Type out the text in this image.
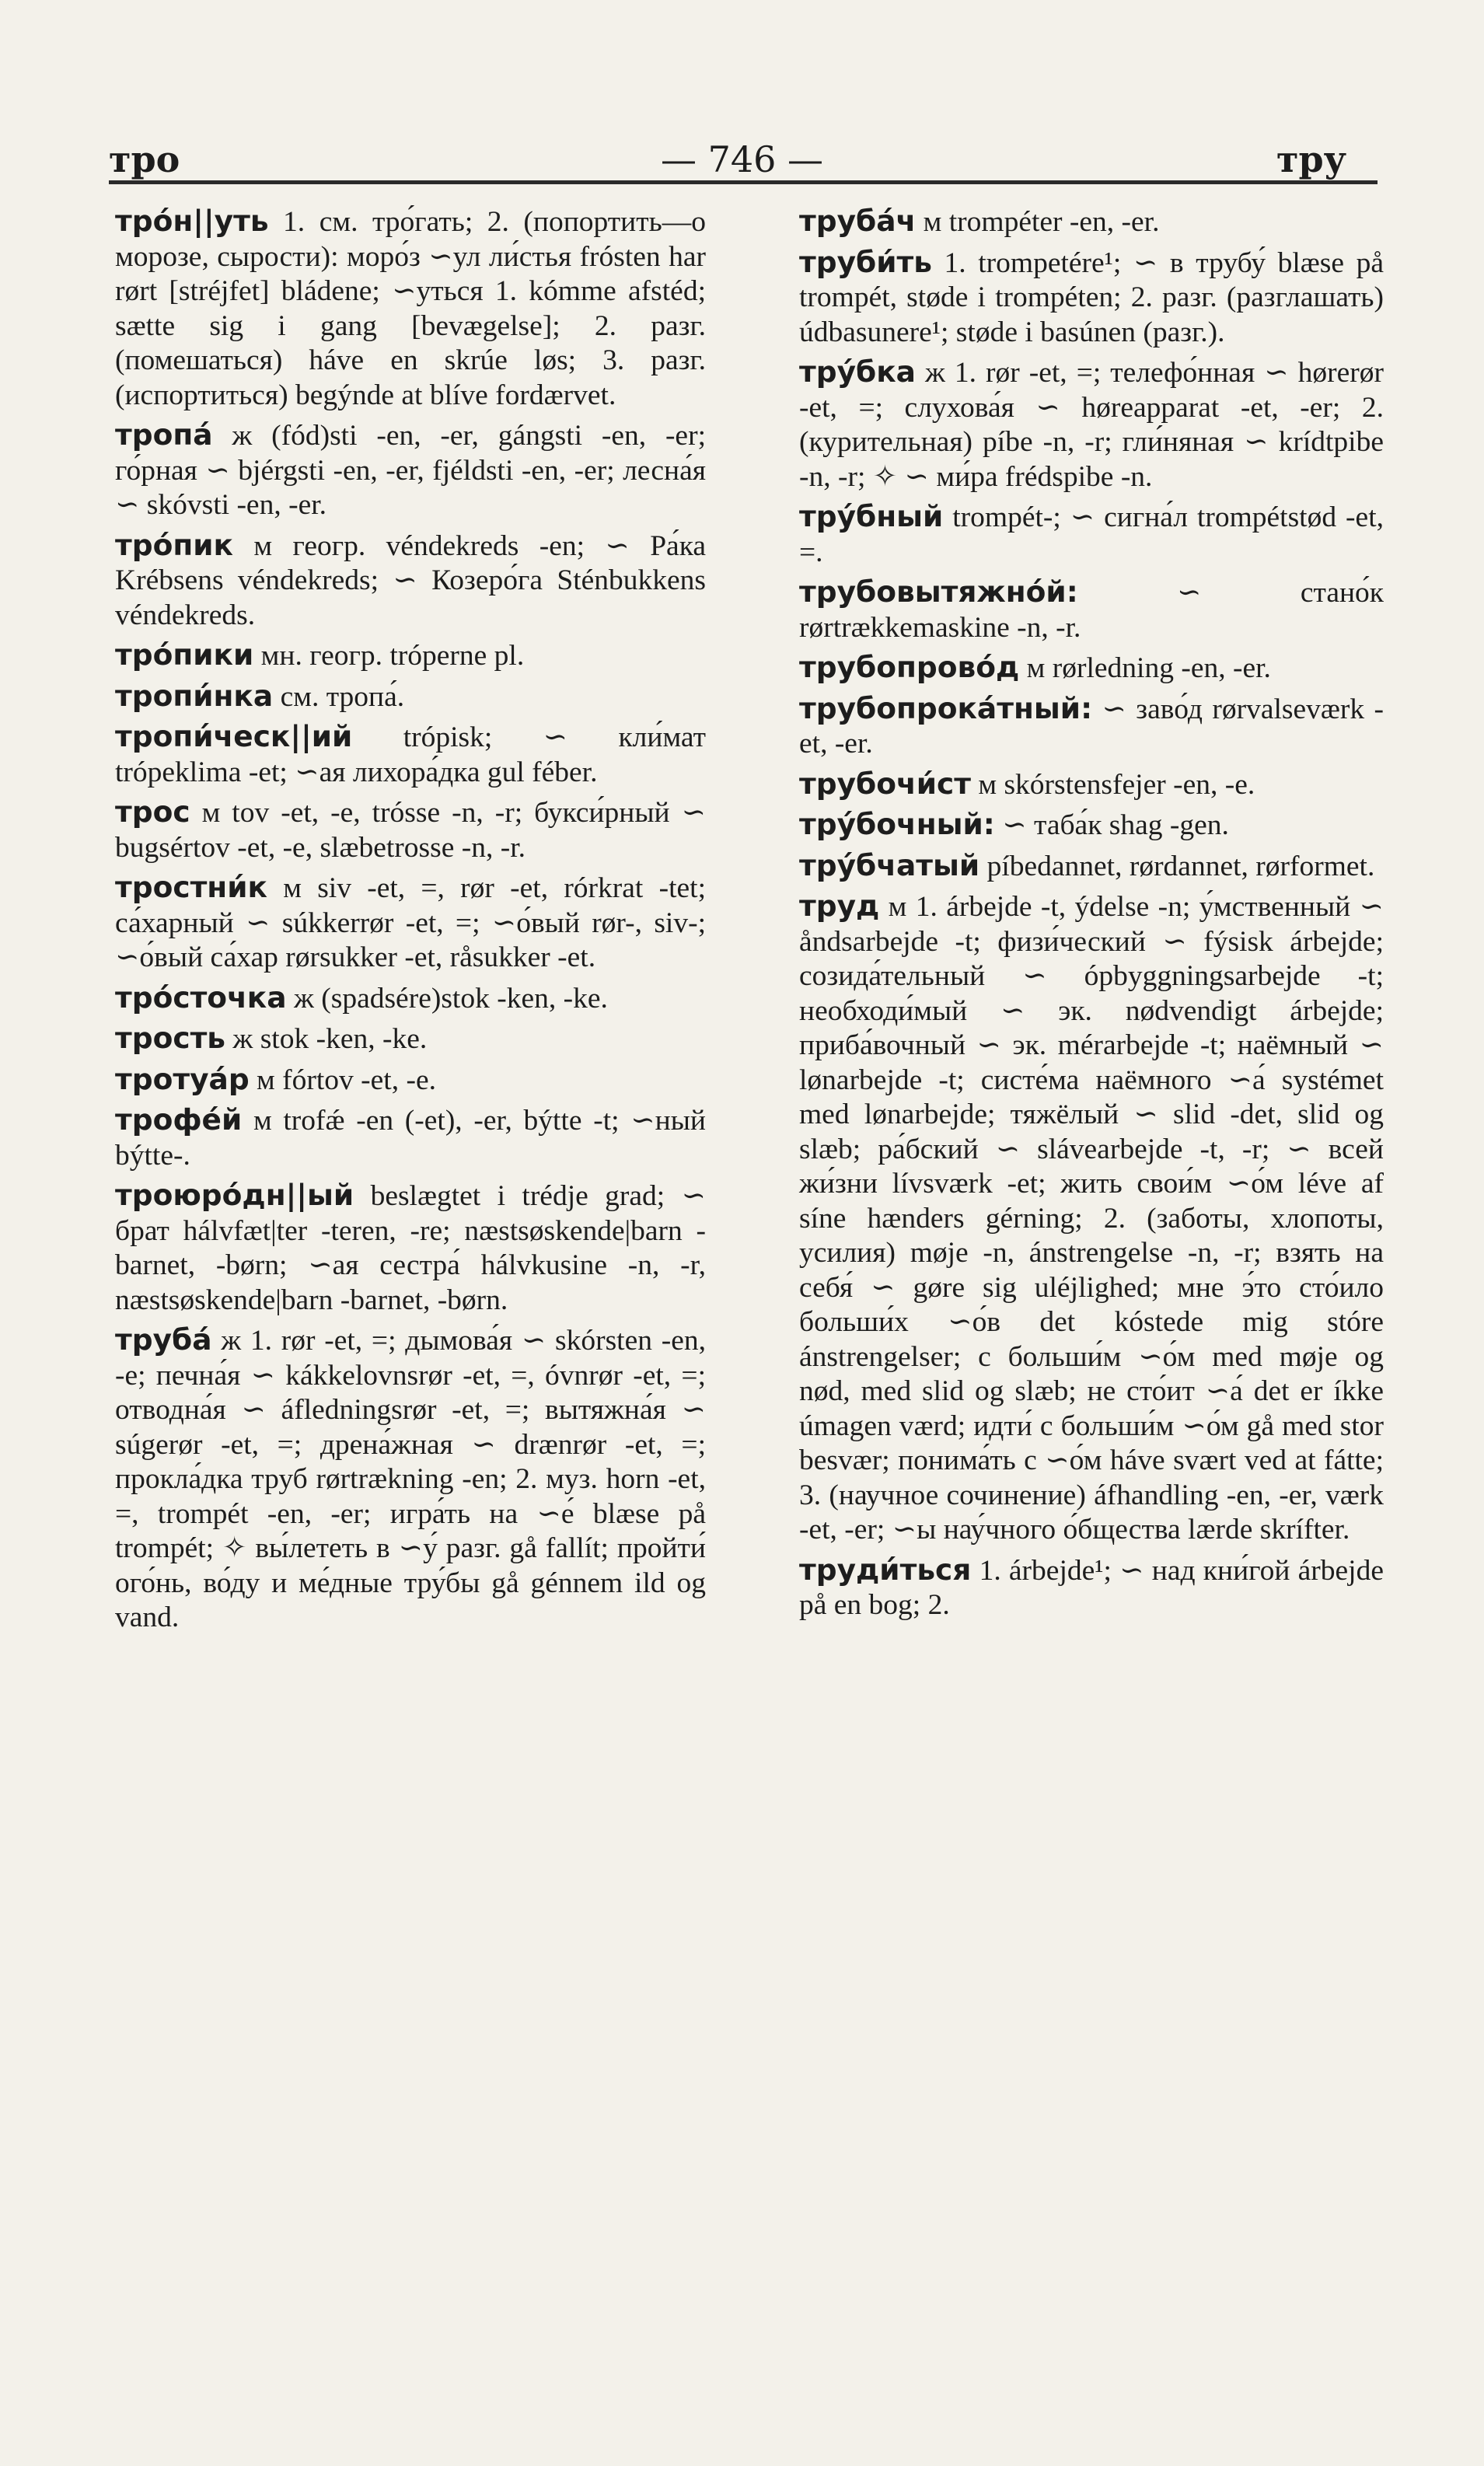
тро	— 746 —	тру

тро́н||уть 1. см. тро́гать; 2. (попортить—о морозе, сырости): моро́з ∽ул ли́стья frósten har rørt [stréjfet] bládene; ∽уться 1. kómme afstéd; sætte sig i gang [bevægelse]; 2. разг. (помешаться) háve en skrúe løs; 3. разг. (испортиться) begýnde at blíve fordærvet.

тропа́ ж (fód)sti -en, -er, gángsti -en, -er; го́рная ∽ bjérgsti -en, -er, fjéldsti -en, -er; лесна́я ∽ skóvsti -en, -er.

тро́пик м геогр. véndekreds -en; ∽ Ра́ка Krébsens véndekreds; ∽ Козеро́га Sténbukkens véndekreds.

тро́пики мн. геогр. tróperne pl.

тропи́нка см. тропа́.

тропи́ческ||ий trópisk; ∽ кли́мат trópeklima -et; ∽ая лихора́дка gul féber.

трос м tov -et, -e, trósse -n, -r; букси́рный ∽ bugsértov -et, -e, slæbetrosse -n, -r.

тростни́к м siv -et, =, rør -et, rórkrat -tet; са́харный ∽ súkkerrør -et, =; ∽о́вый rør-, siv-; ∽о́вый са́хар rørsukker -et, råsukker -et.

тро́сточка ж (spadsére)stok -ken, -ke.

трость ж stok -ken, -ke.

тротуа́р м fórtov -et, -e.

трофе́й м trofǽ -en (-et), -er, býtte -t; ∽ный býtte-.

троюро́дн||ый beslægtet i trédje grad; ∽ брат hálvfæt|ter -teren, -re; næstsøskende|barn -barnet, -børn; ∽ая сестра́ hálvkusine -n, -r, næstsøskende|barn -barnet, -børn.

труба́ ж 1. rør -et, =; дымова́я ∽ skórsten -en, -e; печна́я ∽ kákkelovnsrør -et, =, óvnrør -et, =; отводна́я ∽ áfledningsrør -et, =; вытяжна́я ∽ súgerør -et, =; дрена́жная ∽ drænrør -et, =; прокла́дка труб rørtrækning -en; 2. муз. horn -et, =, trompét -en, -er; игра́ть на ∽е́ blæse på trompét; ✧ вы́лететь в ∽у́ разг. gå fallít; пройти́ ого́нь, во́ду и ме́дные тру́бы gå génnem ild og vand.

труба́ч м trompéter -en, -er.

труби́ть 1. trompetére¹; ∽ в трубу́ blæse på trompét, støde i trompéten; 2. разг. (разглашать) údbasunere¹; støde i basúnen (разг.).

тру́бка ж 1. rør -et, =; телефо́нная ∽ hørerør -et, =; слухова́я ∽ høreapparat -et, -er; 2. (курительная) píbe -n, -r; гли́няная ∽ krídtpibe -n, -r; ✧ ∽ ми́ра frédspibe -n.

тру́бный trompét-; ∽ сигна́л trompétstød -et, =.

трубовытяжно́й: ∽ стано́к rørtrækkemaskine -n, -r.

трубопрово́д м rørledning -en, -er.

трубопрока́тный: ∽ заво́д rørvalseværk -et, -er.

трубочи́ст м skórstensfejer -en, -e.

тру́бочный: ∽ таба́к shag -gen.

тру́бчатый píbedannet, rørdannet, rørformet.

труд м 1. árbejde -t, ýdelse -n; у́мственный ∽ åndsarbejde -t; физи́ческий ∽ fýsisk árbejde; созида́тельный ∽ ópbyggningsarbejde -t; необходи́мый ∽ эк. nødvendigt árbejde; приба́вочный ∽ эк. mérarbejde -t; наёмный ∽ lønarbejde -t; систе́ма наёмного ∽а́ systémet med lønarbejde; тяжёлый ∽ slid -det, slid og slæb; ра́бский ∽ slávearbejde -t, -r; ∽ всей жи́зни lívsværk -et; жить свои́м ∽о́м léve af síne hænders gérning; 2. (заботы, хлопоты, усилия) møje -n, ánstrengelse -n, -r; взять на себя́ ∽ gøre sig uléjlighed; мне э́то сто́ило больши́х ∽о́в det kóstede mig stóre ánstrengelser; с больши́м ∽о́м med møje og nød, med slid og slæb; не сто́ит ∽а́ det er íkke úmagen værd; идти́ с больши́м ∽о́м gå med stor besvær; понима́ть с ∽о́м háve svært ved at fátte; 3. (научное сочинение) áfhandling -en, -er, værk -et, -er; ∽ы нау́чного о́бщества lærde skrífter.

труди́ться 1. árbejde¹; ∽ над кни́гой árbejde på en bog; 2.
